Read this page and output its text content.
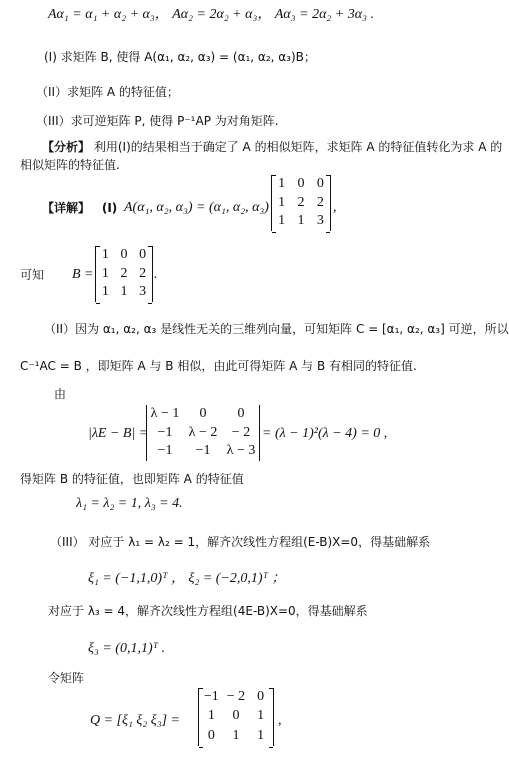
Aα₁ = α₁ + α₂ + α₃， Aα₂ = 2α₂ + α₃， Aα₃ = 2α₂ + 3α₃ .
(I) 求矩阵 B, 使得 A(α₁, α₂, α₃) = (α₁, α₂, α₃)B；
（II）求矩阵 A 的特征值；
（III）求可逆矩阵 P, 使得 P⁻¹AP 为对角矩阵.
【分析】 利用(I)的结果相当于确定了 A 的相似矩阵，求矩阵 A 的特征值转化为求 A 的
相似矩阵的特征值.
【详解】 (I) A(α₁, α₂, α₃) = (α₁, α₂, α₃)
1 0 0
1 2 2
1 1 3
,
可知 B =
1 0 0
1 2 2
1 1 3
.
（II）因为 α₁, α₂, α₃ 是线性无关的三维列向量，可知矩阵 C = [α₁, α₂, α₃] 可逆，所以
C⁻¹AC = B ，即矩阵 A 与 B 相似，由此可得矩阵 A 与 B 有相同的特征值.
由
|λE − B| =
λ − 1	0	0
−1	λ − 2	− 2
−1	−1	λ − 3
= (λ − 1)²(λ − 4) = 0 ,
得矩阵 B 的特征值，也即矩阵 A 的特征值
λ₁ = λ₂ = 1, λ₃ = 4.
（III） 对应于 λ₁ = λ₂ = 1，解齐次线性方程组(E-B)X=0，得基础解系
ξ₁ = (−1,1,0)ᵀ ， ξ₂ = (−2,0,1)ᵀ ；
对应于 λ₃ = 4，解齐次线性方程组(4E-B)X=0，得基础解系
ξ₃ = (0,1,1)ᵀ .
令矩阵
Q = [ξ₁ ξ₂ ξ₃] =
−1 − 2 0
1	0	1
0	1	1
,
